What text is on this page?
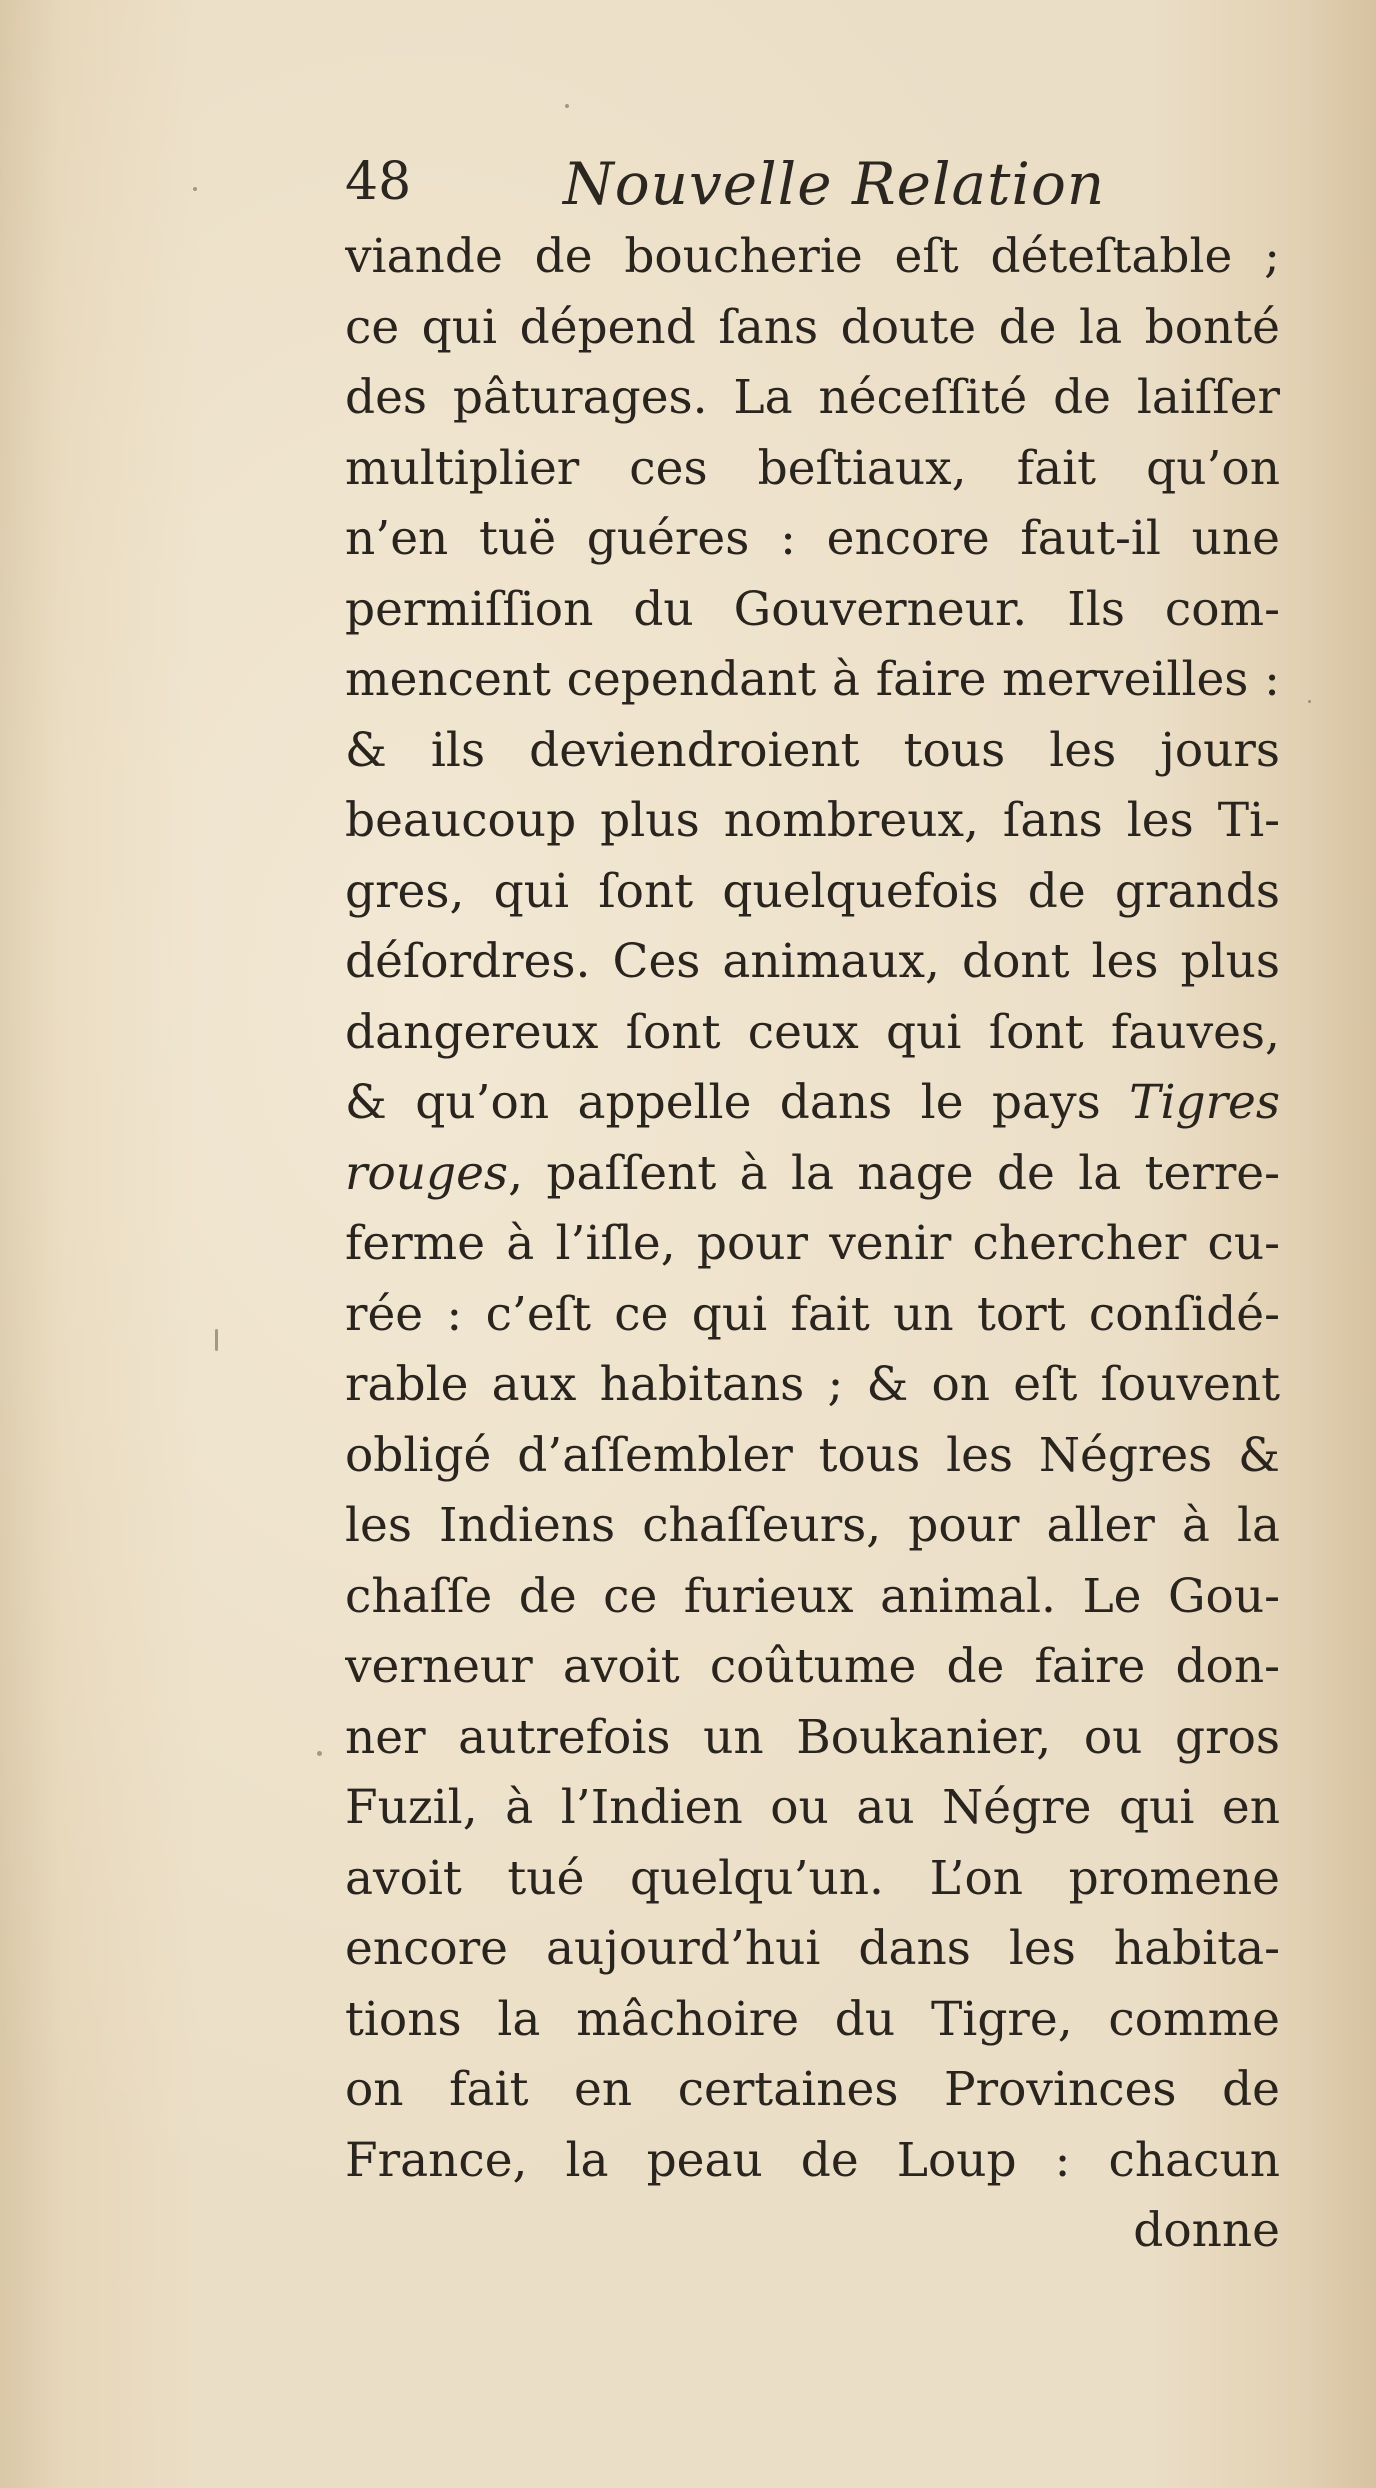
48	Nouvelle Relation
viande de boucherie eſt déteſtable ;
ce qui dépend ſans doute de la bonté
des pâturages. La néceſſité de laiſſer
multiplier ces beſtiaux, fait qu’on
n’en tuë guéres : encore faut-il une
permiſſion du Gouverneur. Ils com-
mencent cependant à faire merveilles :
& ils deviendroient tous les jours
beaucoup plus nombreux, ſans les Ti-
gres, qui ſont quelquefois de grands
déſordres. Ces animaux, dont les plus
dangereux ſont ceux qui ſont fauves,
& qu’on appelle dans le pays Tigres
rouges, paſſent à la nage de la terre-
ferme à l’iſle, pour venir chercher cu-
rée : c’eſt ce qui fait un tort conſidé-
rable aux habitans ; & on eſt ſouvent
obligé d’aſſembler tous les Négres &
les Indiens chaſſeurs, pour aller à la
chaſſe de ce furieux animal. Le Gou-
verneur avoit coûtume de faire don-
ner autrefois un Boukanier, ou gros
Fuzil, à l’Indien ou au Négre qui en
avoit tué quelqu’un. L’on promene
encore aujourd’hui dans les habita-
tions la mâchoire du Tigre, comme
on fait en certaines Provinces de
France, la peau de Loup : chacun
donne
